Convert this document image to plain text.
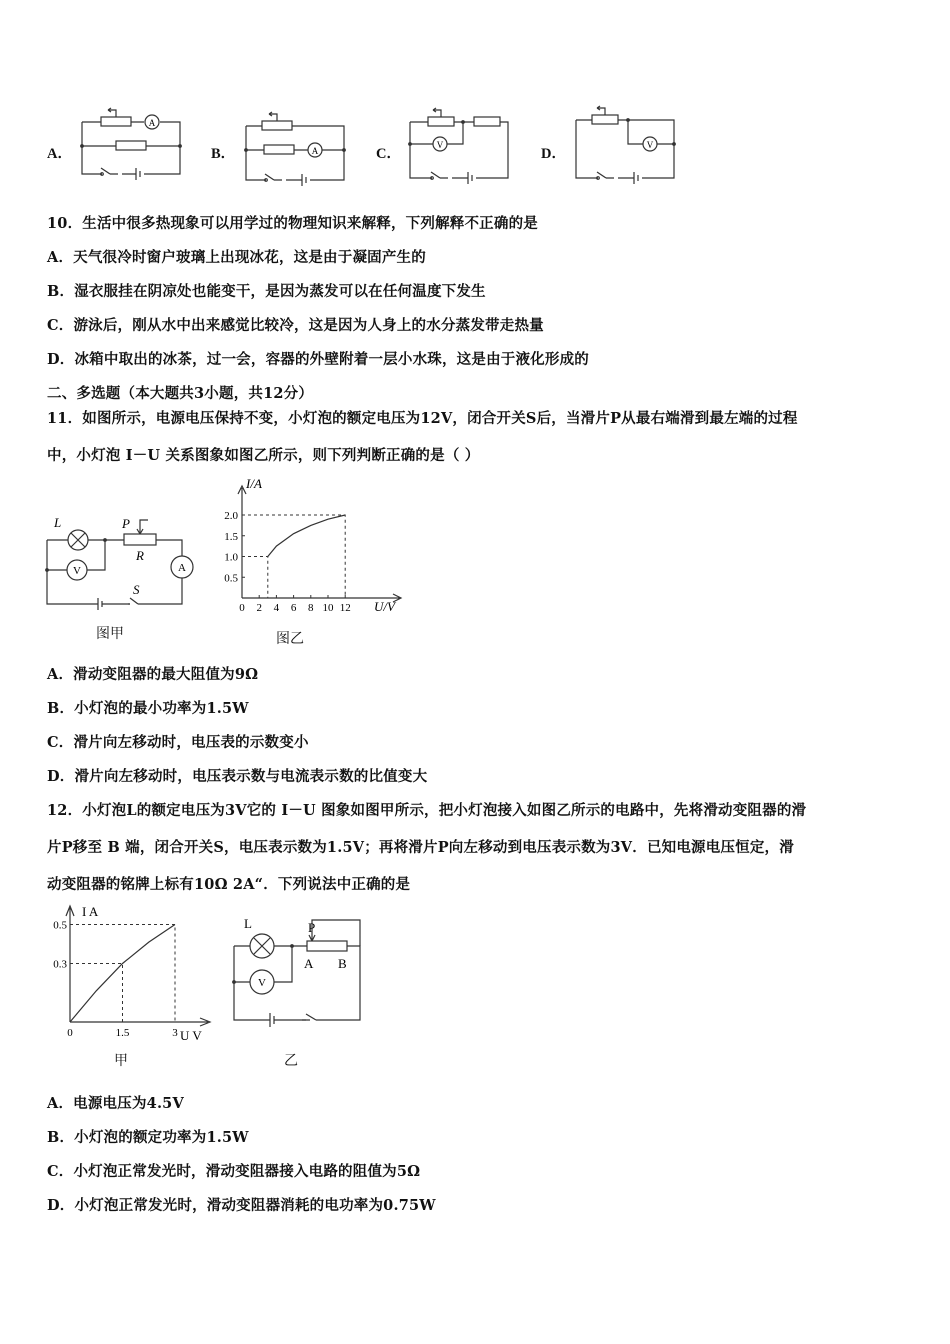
A．	B．	C．	D．
A
A
V	V
10．生活中很多热现象可以用学过的物理知识来解释，下列解释不正确的是
A．天气很冷时窗户玻璃上出现冰花，这是由于凝固产生的
B．湿衣服挂在阴凉处也能变干，是因为蒸发可以在任何温度下发生
C．游泳后，刚从水中出来感觉比较冷，这是因为人身上的水分蒸发带走热量
D．冰箱中取出的冰茶，过一会，容器的外壁附着一层小水珠，这是由于液化形成的
二、多选题（本大题共3小题，共12分）
11．如图所示，电源电压保持不变，小灯泡的额定电压为12V，闭合开关S后，当滑片P从最右端滑到最左端的过程
中，小灯泡 I－U 关系图象如图乙所示，则下列判断正确的是（ ）
L	P
R
V	A
S
图甲
0 2 4 6 8 10 12
0.5
1.0
1.5
2.0
I/A
U/V
图乙
A．滑动变阻器的最大阻值为9Ω
B．小灯泡的最小功率为1.5W
C．滑片向左移动时，电压表的示数变小
D．滑片向左移动时，电压表示数与电流表示数的比值变大
12．小灯泡L的额定电压为3V它的 I－U 图象如图甲所示，把小灯泡接入如图乙所示的电路中，先将滑动变阻器的滑
片P移至 B 端，闭合开关S，电压表示数为1.5V；再将滑片P向左移动到电压表示数为3V．已知电源电压恒定，滑
动变阻器的铭牌上标有10Ω 2A“．下列说法中正确的是
0	1.5	3
0.3
0.5
I A
U V
甲
L	P
A B
V
乙
A．电源电压为4.5V
B．小灯泡的额定功率为1.5W
C．小灯泡正常发光时，滑动变阻器接入电路的阻值为5Ω
D．小灯泡正常发光时，滑动变阻器消耗的电功率为0.75W
